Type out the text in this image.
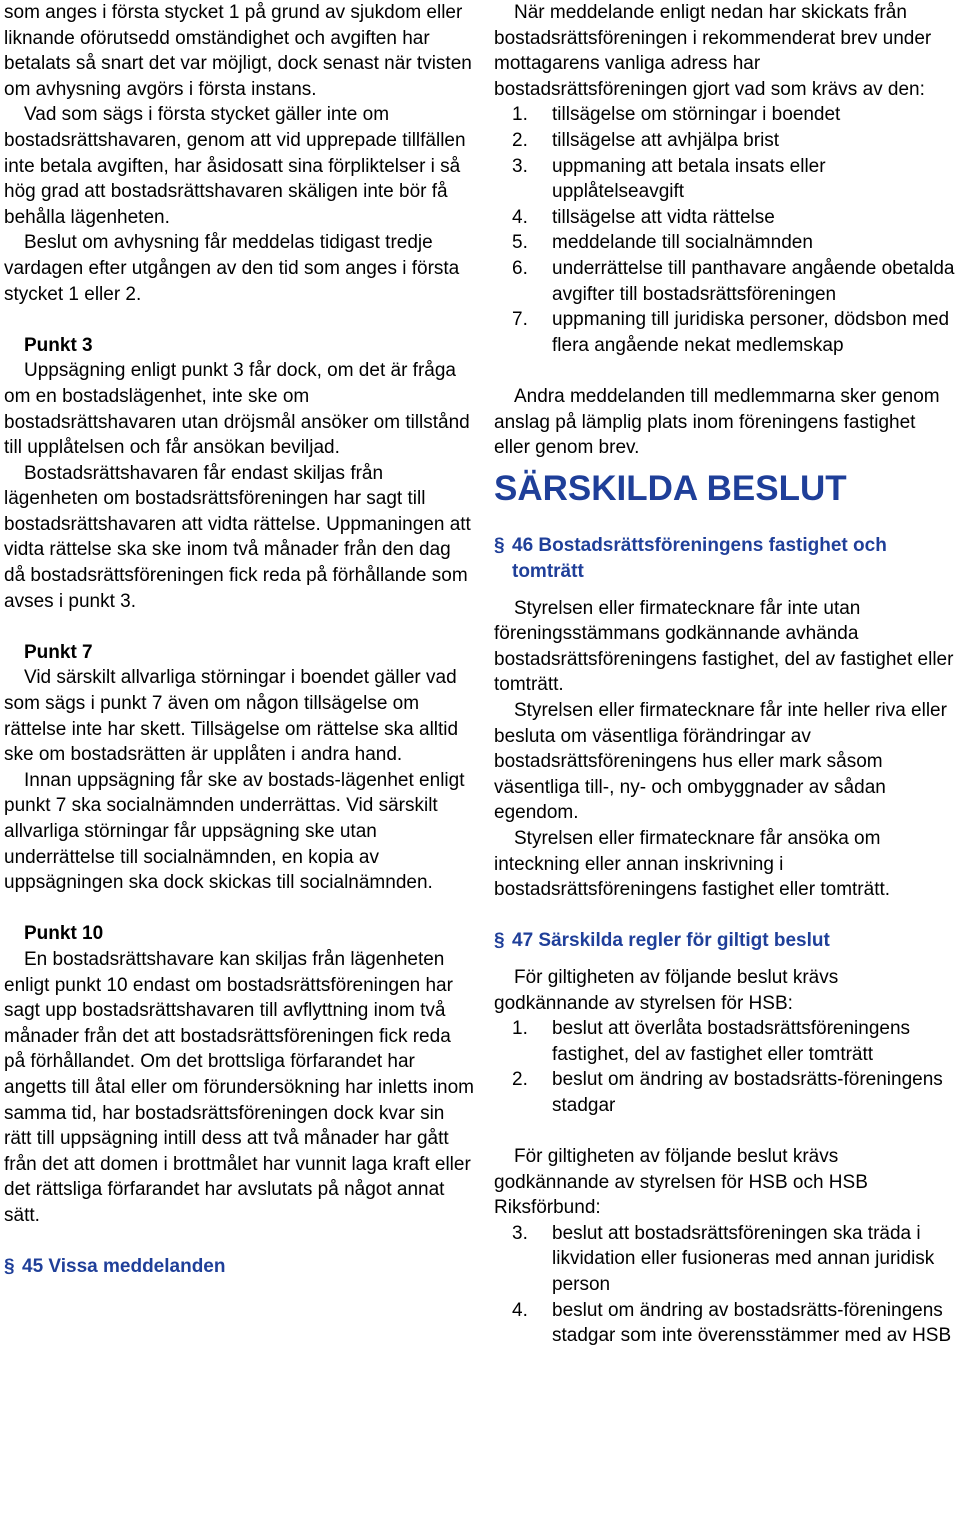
som anges i första stycket 1 på grund av sjukdom eller liknande oförutsedd omständighet och avgiften har betalats så snart det var möjligt, dock senast när tvisten om avhysning avgörs i första instans.

Vad som sägs i första stycket gäller inte om bostadsrättshavaren, genom att vid upprepade tillfällen inte betala avgiften, har åsidosatt sina förpliktelser i så hög grad att bostadsrättshavaren skäligen inte bör få behålla lägenheten.

Beslut om avhysning får meddelas tidigast tredje vardagen efter utgången av den tid som anges i första stycket 1 eller 2.

Punkt 3

Uppsägning enligt punkt 3 får dock, om det är fråga om en bostadslägenhet, inte ske om bostadsrättshavaren utan dröjsmål ansöker om tillstånd till upplåtelsen och får ansökan beviljad.

Bostadsrättshavaren får endast skiljas från lägenheten om bostadsrättsföreningen har sagt till bostadsrättshavaren att vidta rättelse. Uppmaningen att vidta rättelse ska ske inom två månader från den dag då bostadsrättsföreningen fick reda på förhållande som avses i punkt 3.

Punkt 7

Vid särskilt allvarliga störningar i boendet gäller vad som sägs i punkt 7 även om någon tillsägelse om rättelse inte har skett. Tillsägelse om rättelse ska alltid ske om bostadsrätten är upplåten i andra hand.

Innan uppsägning får ske av bostads-lägenhet enligt punkt 7 ska socialnämnden underrättas. Vid särskilt allvarliga störningar får uppsägning ske utan underrättelse till socialnämnden, en kopia av uppsägningen ska dock skickas till socialnämnden.

Punkt 10

En bostadsrättshavare kan skiljas från lägenheten enligt punkt 10 endast om bostadsrättsföreningen har sagt upp bostadsrättshavaren till avflyttning inom två månader från det att bostadsrättsföreningen fick reda på förhållandet. Om det brottsliga förfarandet har angetts till åtal eller om förundersökning har inletts inom samma tid, har bostadsrättsföreningen dock kvar sin rätt till uppsägning intill dess att två månader har gått från det att domen i brottmålet har vunnit laga kraft eller det rättsliga förfarandet har avslutats på något annat sätt.

§ 45 Vissa meddelanden

När meddelande enligt nedan har skickats från bostadsrättsföreningen i rekommenderat brev under mottagarens vanliga adress har bostadsrättsföreningen gjort vad som krävs av den:

1. tillsägelse om störningar i boendet
2. tillsägelse att avhjälpa brist
3. uppmaning att betala insats eller upplåtelseavgift
4. tillsägelse att vidta rättelse
5. meddelande till socialnämnden
6. underrättelse till panthavare angående obetalda avgifter till bostadsrättsföreningen
7. uppmaning till juridiska personer, dödsbon med flera angående nekat medlemskap

Andra meddelanden till medlemmarna sker genom anslag på lämplig plats inom föreningens fastighet eller genom brev.

SÄRSKILDA BESLUT

§ 46 Bostadsrättsföreningens fastighet och tomträtt

Styrelsen eller firmatecknare får inte utan föreningsstämmans godkännande avhända bostadsrättsföreningens fastighet, del av fastighet eller tomträtt.

Styrelsen eller firmatecknare får inte heller riva eller besluta om väsentliga förändringar av bostadsrättsföreningens hus eller mark såsom väsentliga till-, ny- och ombyggnader av sådan egendom.

Styrelsen eller firmatecknare får ansöka om inteckning eller annan inskrivning i bostadsrättsföreningens fastighet eller tomträtt.

§ 47 Särskilda regler för giltigt beslut

För giltigheten av följande beslut krävs godkännande av styrelsen för HSB:

1. beslut att överlåta bostadsrättsföreningens fastighet, del av fastighet eller tomträtt
2. beslut om ändring av bostadsrätts-föreningens stadgar

För giltigheten av följande beslut krävs godkännande av styrelsen för HSB och HSB Riksförbund:

3. beslut att bostadsrättsföreningen ska träda i likvidation eller fusioneras med annan juridisk person
4. beslut om ändring av bostadsrätts-föreningens stadgar som inte överensstämmer med av HSB
